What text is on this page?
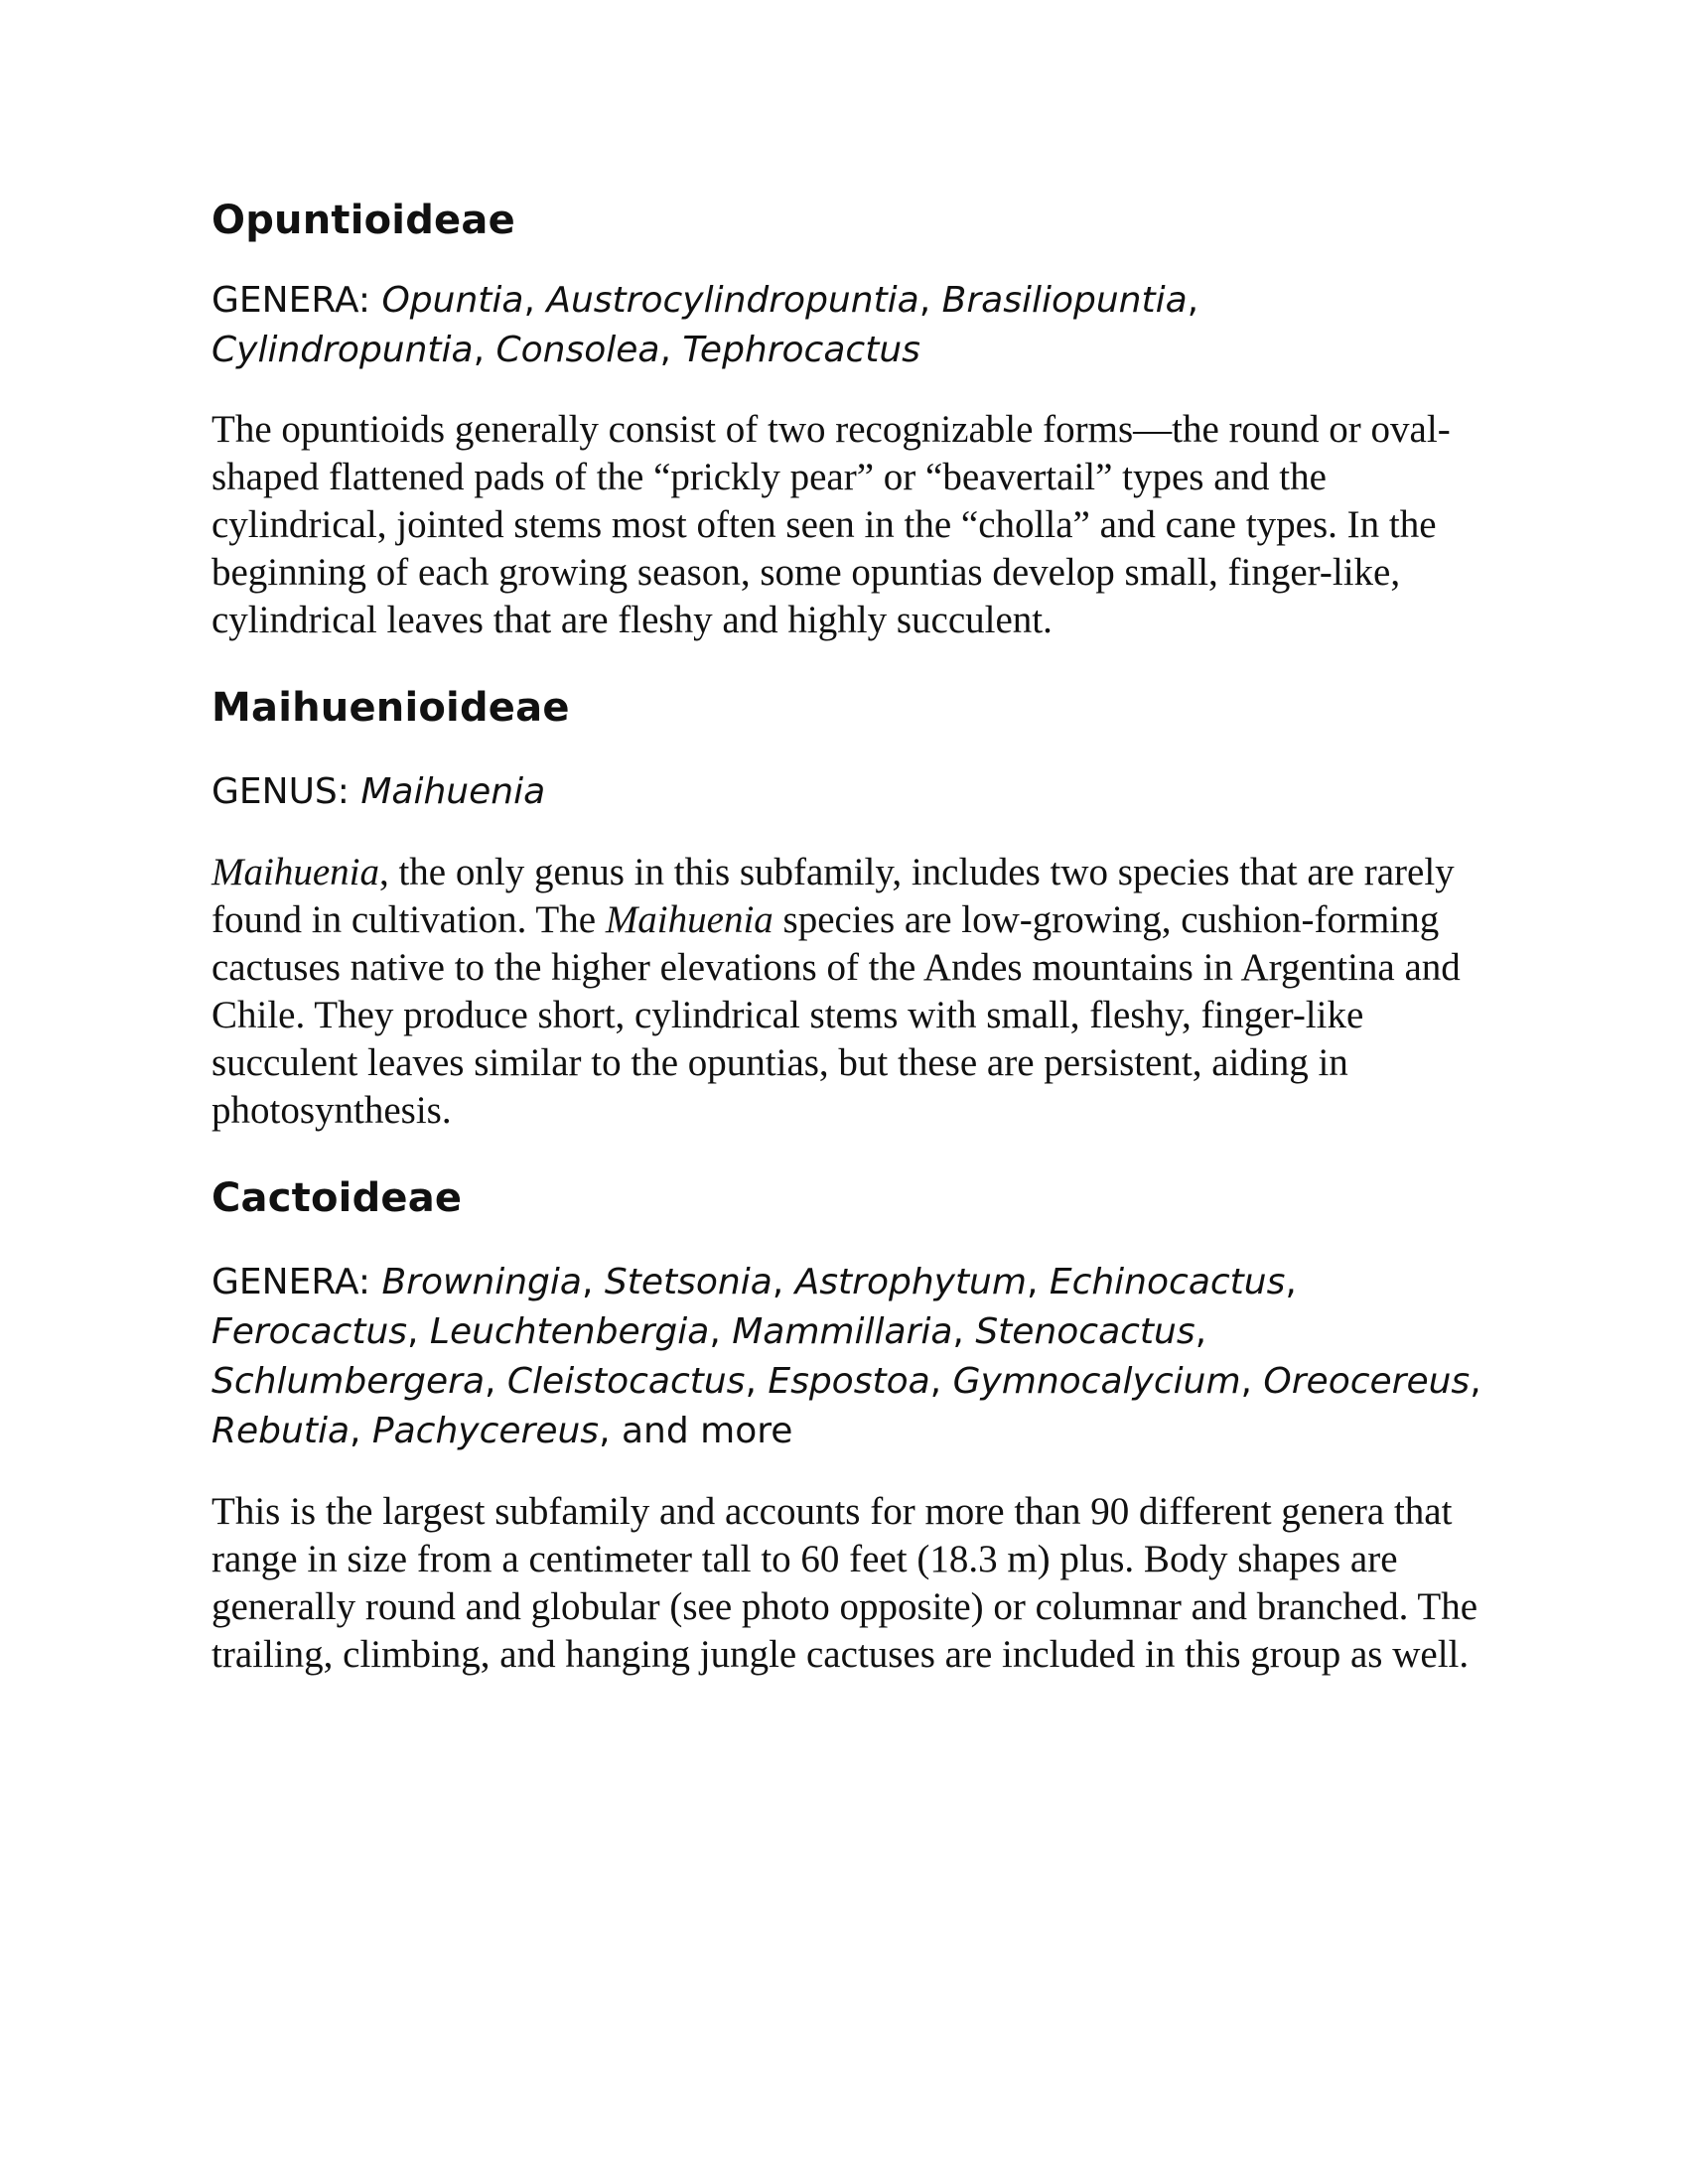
Opuntioideae

GENERA: Opuntia, Austrocylindropuntia, Brasiliopuntia, Cylindropuntia, Consolea, Tephrocactus

The opuntioids generally consist of two recognizable forms—the round or oval-shaped flattened pads of the “prickly pear” or “beavertail” types and the cylindrical, jointed stems most often seen in the “cholla” and cane types. In the beginning of each growing season, some opuntias develop small, finger-like, cylindrical leaves that are fleshy and highly succulent.

Maihuenioideae

GENUS: Maihuenia

Maihuenia, the only genus in this subfamily, includes two species that are rarely found in cultivation. The Maihuenia species are low-growing, cushion-forming cactuses native to the higher elevations of the Andes mountains in Argentina and Chile. They produce short, cylindrical stems with small, fleshy, finger-like succulent leaves similar to the opuntias, but these are persistent, aiding in photosynthesis.

Cactoideae

GENERA: Browningia, Stetsonia, Astrophytum, Echinocactus, Ferocactus, Leuchtenbergia, Mammillaria, Stenocactus, Schlumbergera, Cleistocactus, Espostoa, Gymnocalycium, Oreocereus, Rebutia, Pachycereus, and more

This is the largest subfamily and accounts for more than 90 different genera that range in size from a centimeter tall to 60 feet (18.3 m) plus. Body shapes are generally round and globular (see photo opposite) or columnar and branched. The trailing, climbing, and hanging jungle cactuses are included in this group as well.
